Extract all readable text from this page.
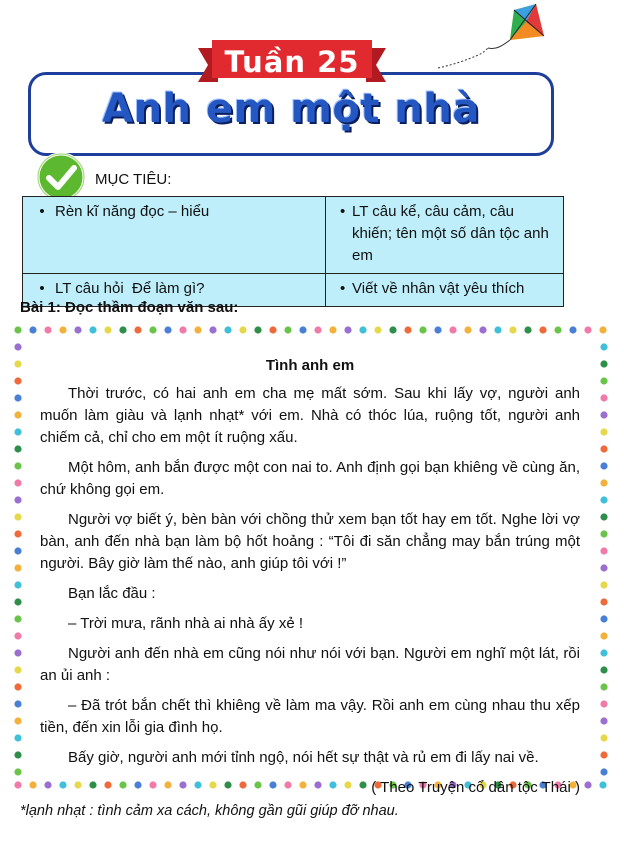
Tuần 25
Anh em một nhà
MỤC TIÊU:
• Rèn kĩ năng đọc – hiểu	• LT câu kể, câu cảm, câu khiến; tên một số dân tộc anh em

• LT câu hỏi  Để làm gì?	• Viết về nhân vật yêu thích
Bài 1: Đọc thầm đoạn văn sau:
Tình anh em

Thời trước, có hai anh em cha mẹ mất sớm. Sau khi lấy vợ, người anh muốn làm giàu và lạnh nhạt* với em. Nhà có thóc lúa, ruộng tốt, người anh chiếm cả, chỉ cho em một ít ruộng xấu.

Một hôm, anh bắn được một con nai to. Anh định gọi bạn khiêng về cùng ăn, chứ không gọi em.

Người vợ biết ý, bèn bàn với chồng thử xem bạn tốt hay em tốt. Nghe lời vợ bàn, anh đến nhà bạn làm bộ hốt hoảng : “Tôi đi săn chẳng may bắn trúng một người. Bây giờ làm thế nào, anh giúp tôi với !”

Bạn lắc đầu :

– Trời mưa, rãnh nhà ai nhà ấy xẻ !

Người anh đến nhà em cũng nói như nói với bạn. Người em nghĩ một lát, rồi an ủi anh :

– Đã trót bắn chết thì khiêng về làm ma vậy. Rồi anh em cùng nhau thu xếp tiền, đến xin lỗi gia đình họ.

Bấy giờ, người anh mới tỉnh ngộ, nói hết sự thật và rủ em đi lấy nai về.

( Theo Truyện cổ dân tộc Thái )

*lạnh nhạt : tình cảm xa cách, không gần gũi giúp đỡ nhau.
